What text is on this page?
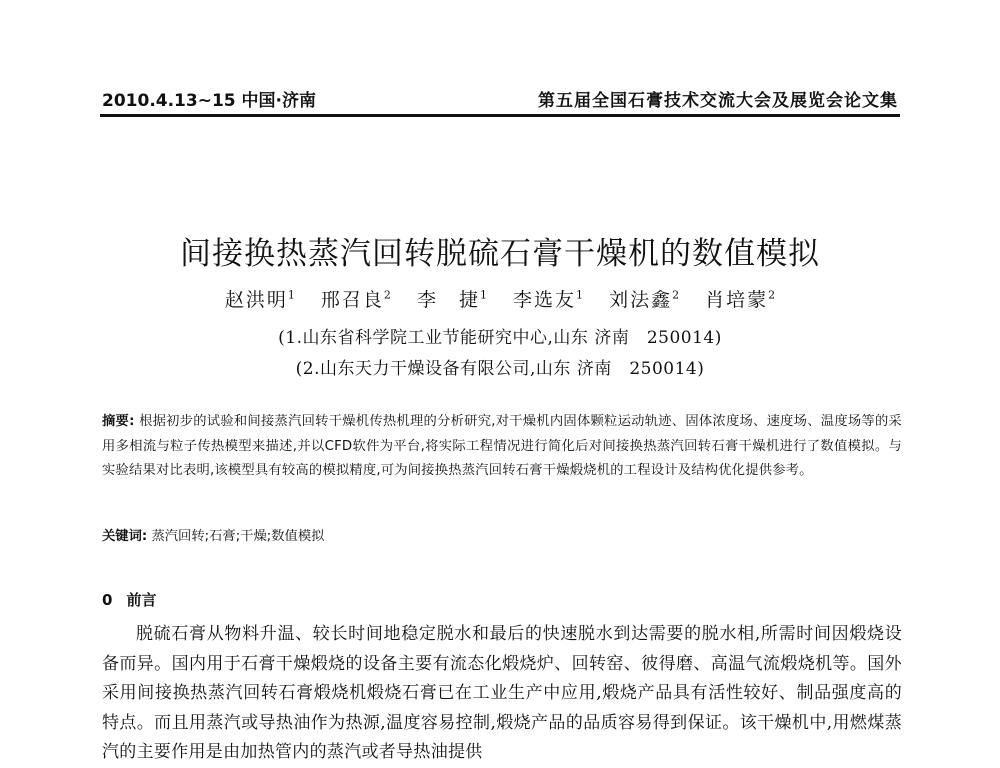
2010.4.13~15 中国·济南	第五届全国石膏技术交流大会及展览会论文集
间接换热蒸汽回转脱硫石膏干燥机的数值模拟
赵洪明$^1$ 邢召良$^2$ 李　捷$^1$ 李选友$^1$ 刘法鑫$^2$ 肖培蒙$^2$
(1.山东省科学院工业节能研究中心,山东 济南　250014)
(2.山东天力干燥设备有限公司,山东 济南　250014)
摘要: 根据初步的试验和间接蒸汽回转干燥机传热机理的分析研究,对干燥机内固体颗粒运动轨迹、固体浓度场、速度场、温度场等的采用多相流与粒子传热模型来描述,并以CFD软件为平台,将实际工程情况进行简化后对间接换热蒸汽回转石膏干燥机进行了数值模拟。与实验结果对比表明,该模型具有较高的模拟精度,可为间接换热蒸汽回转石膏干燥煅烧机的工程设计及结构优化提供参考。
关键词: 蒸汽回转;石膏;干燥;数值模拟
0 前言
脱硫石膏从物料升温、较长时间地稳定脱水和最后的快速脱水到达需要的脱水相,所需时间因煅烧设备而异。国内用于石膏干燥煅烧的设备主要有流态化煅烧炉、回转窑、彼得磨、高温气流煅烧机等。国外采用间接换热蒸汽回转石膏煅烧机煅烧石膏已在工业生产中应用,煅烧产品具有活性较好、制品强度高的特点。而且用蒸汽或导热油作为热源,温度容易控制,煅烧产品的品质容易得到保证。该干燥机中,用燃煤蒸汽的主要作用是由加热管内的蒸汽或者导热油提供
